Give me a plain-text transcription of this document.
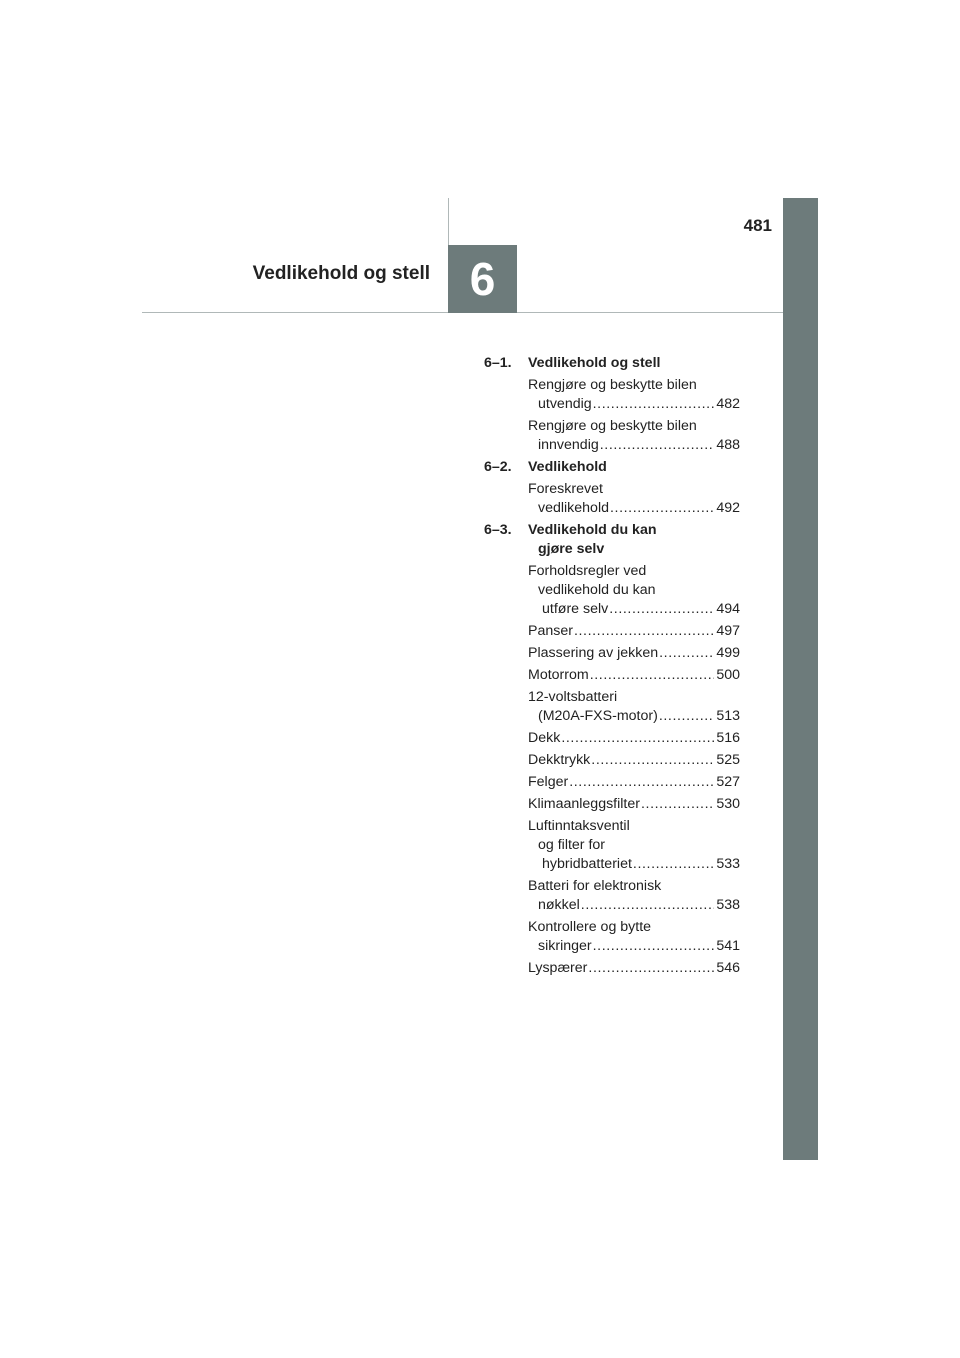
481
Vedlikehold og stell 6
6–1.	Vedlikehold og stell
Rengjøre og beskytte bilen
utvendig .....	482
Rengjøre og beskytte bilen
innvendig .....	488
6–2.	Vedlikehold
Foreskrevet
vedlikehold .....	492
6–3.	Vedlikehold du kan
gjøre selv
Forholdsregler ved
vedlikehold du kan
utføre selv .....	494
Panser .....	497
Plassering av jekken .....	499
Motorrom .....	500
12-voltsbatteri
(M20A-FXS-motor) .....	513
Dekk .....	516
Dekktrykk .....	525
Felger .....	527
Klimaanleggsfilter .....	530
Luftinntaksventil
og filter for
hybridbatteriet .....	533
Batteri for elektronisk
nøkkel .....	538
Kontrollere og bytte
sikringer .....	541
Lyspærer .....	546
